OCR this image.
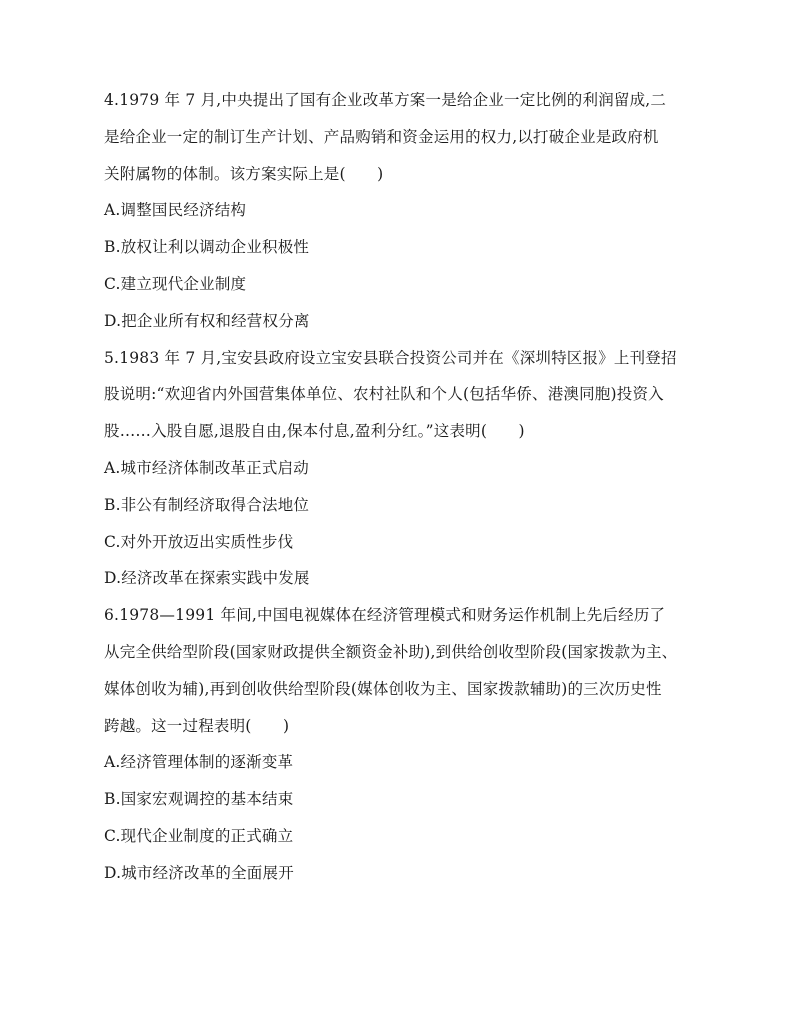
4.1979 年 7 月,中央提出了国有企业改革方案一是给企业一定比例的利润留成,二
是给企业一定的制订生产计划、产品购销和资金运用的权力,以打破企业是政府机
关附属物的体制。该方案实际上是(　　)
A.调整国民经济结构
B.放权让利以调动企业积极性
C.建立现代企业制度
D.把企业所有权和经营权分离
5.1983 年 7 月,宝安县政府设立宝安县联合投资公司并在《深圳特区报》上刊登招
股说明:“欢迎省内外国营集体单位、农村社队和个人(包括华侨、港澳同胞)投资入
股……入股自愿,退股自由,保本付息,盈利分红。”这表明(　　)
A.城市经济体制改革正式启动
B.非公有制经济取得合法地位
C.对外开放迈出实质性步伐
D.经济改革在探索实践中发展
6.1978—1991 年间,中国电视媒体在经济管理模式和财务运作机制上先后经历了
从完全供给型阶段(国家财政提供全额资金补助),到供给创收型阶段(国家拨款为主、
媒体创收为辅),再到创收供给型阶段(媒体创收为主、国家拨款辅助)的三次历史性
跨越。这一过程表明(　　)
A.经济管理体制的逐渐变革
B.国家宏观调控的基本结束
C.现代企业制度的正式确立
D.城市经济改革的全面展开
